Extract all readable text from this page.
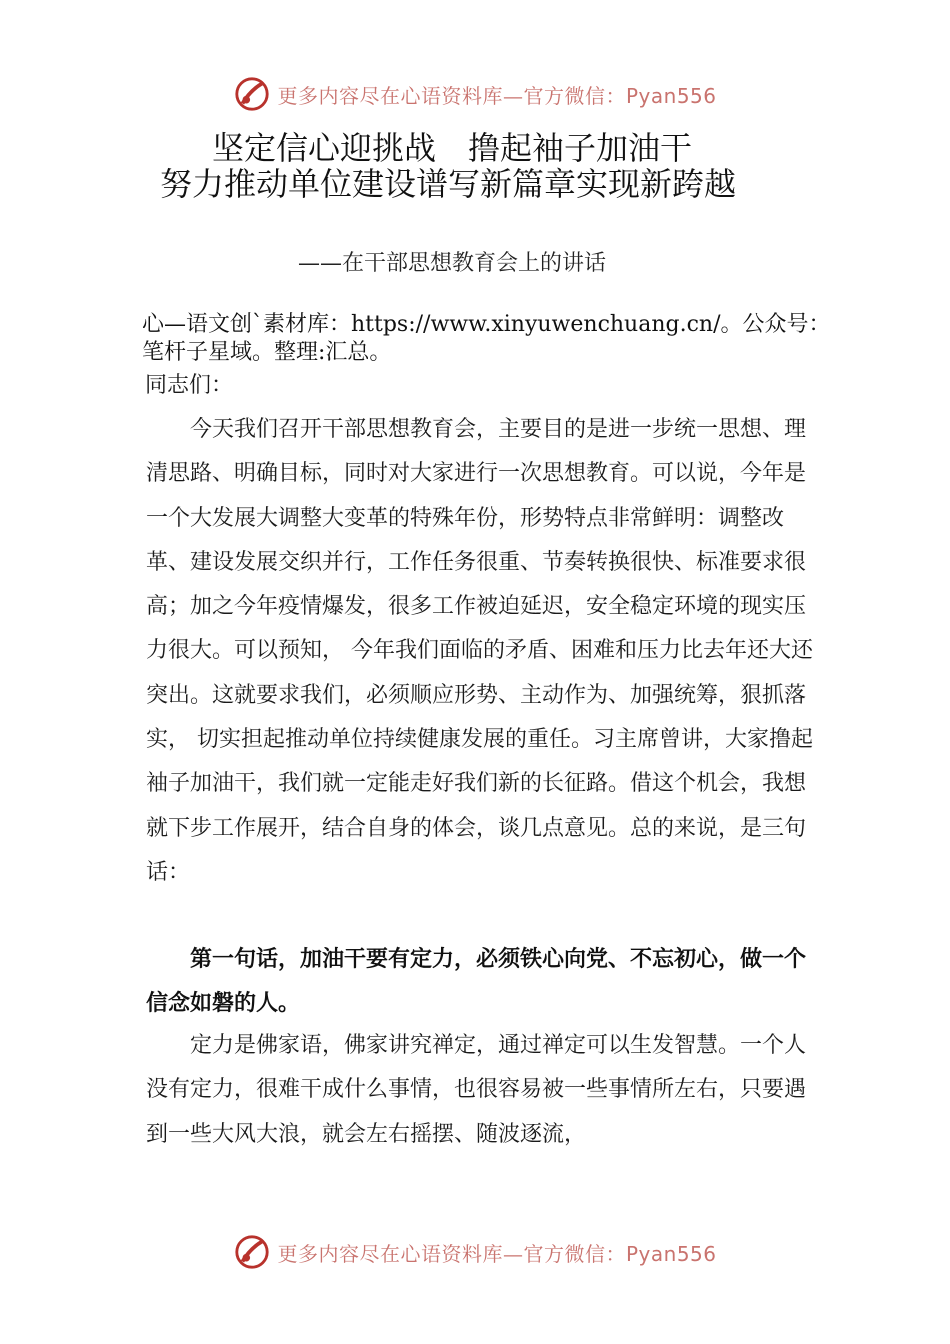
更多内容尽在心语资料库—官方微信：Pyan556
坚定信心迎挑战　撸起袖子加油干
努力推动单位建设谱写新篇章实现新跨越

——在干部思想教育会上的讲话

心—语文创`素材库：https://www.xinyuwenchuang.cn/。公众号：笔杆子星域。整理:汇总。

同志们：

今天我们召开干部思想教育会，主要目的是进一步统一思想、理清思路、明确目标，同时对大家进行一次思想教育。可以说，今年是一个大发展大调整大变革的特殊年份，形势特点非常鲜明：调整改革、建设发展交织并行，工作任务很重、节奏转换很快、标准要求很高；加之今年疫情爆发，很多工作被迫延迟，安全稳定环境的现实压力很大。可以预知， 今年我们面临的矛盾、困难和压力比去年还大还突出。这就要求我们，必须顺应形势、主动作为、加强统筹，狠抓落实， 切实担起推动单位持续健康发展的重任。习主席曾讲，大家撸起袖子加油干，我们就一定能走好我们新的长征路。借这个机会，我想就下步工作展开，结合自身的体会，谈几点意见。总的来说，是三句话：

第一句话，加油干要有定力，必须铁心向党、不忘初心，做一个信念如磐的人。

定力是佛家语，佛家讲究禅定，通过禅定可以生发智慧。一个人没有定力，很难干成什么事情，也很容易被一些事情所左右，只要遇到一些大风大浪，就会左右摇摆、随波逐流，

更多内容尽在心语资料库—官方微信：Pyan556
